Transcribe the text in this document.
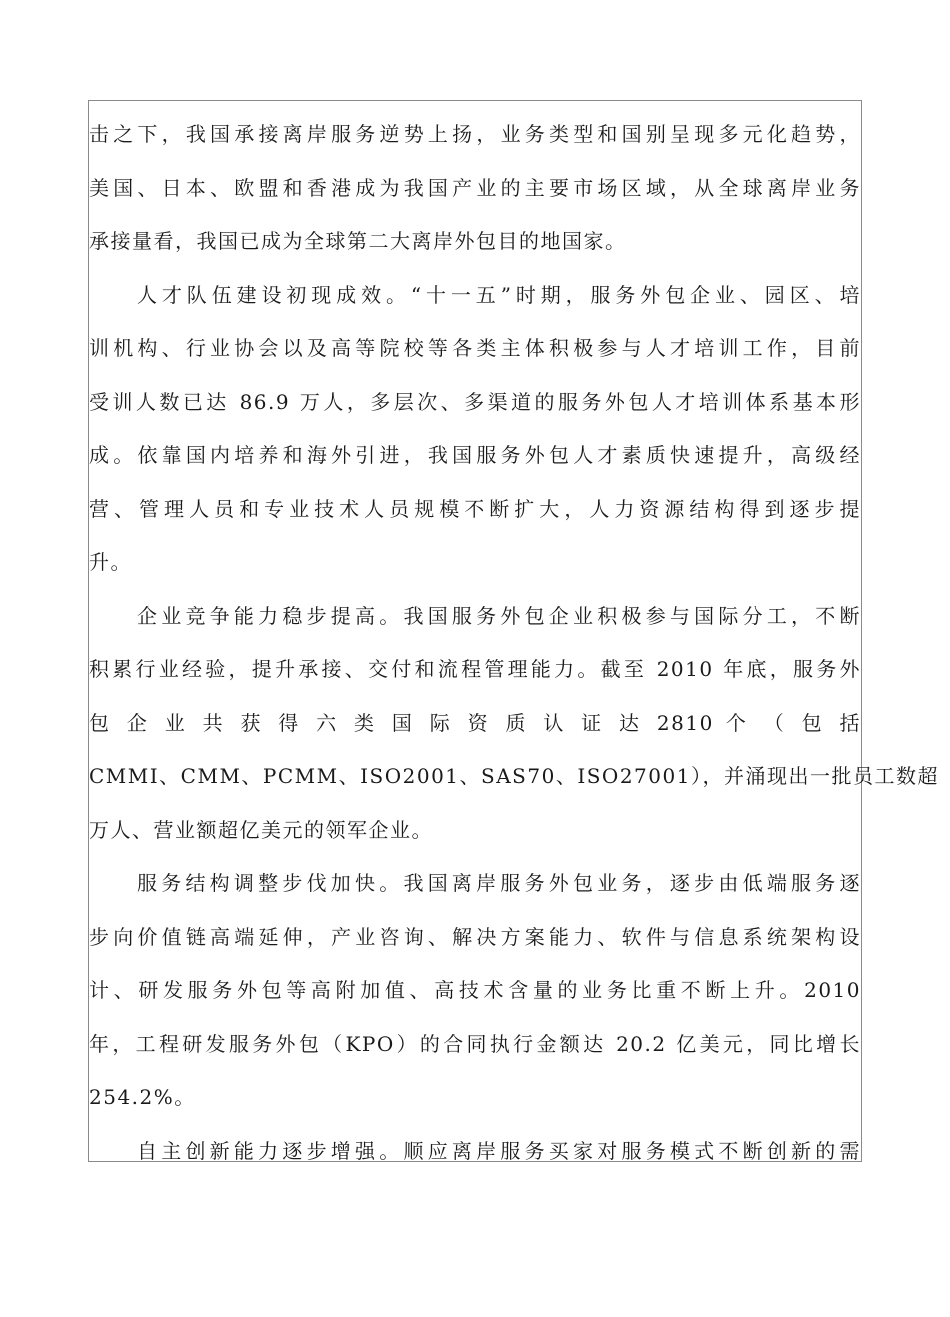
击之下，我国承接离岸服务逆势上扬，业务类型和国别呈现多元化趋势，
美国、日本、欧盟和香港成为我国产业的主要市场区域，从全球离岸业务
承接量看，我国已成为全球第二大离岸外包目的地国家。
人才队伍建设初现成效。“十一五”时期，服务外包企业、园区、培
训机构、行业协会以及高等院校等各类主体积极参与人才培训工作，目前
受训人数已达 86.9 万人，多层次、多渠道的服务外包人才培训体系基本形
成。依靠国内培养和海外引进，我国服务外包人才素质快速提升，高级经
营、管理人员和专业技术人员规模不断扩大，人力资源结构得到逐步提
升。
企业竞争能力稳步提高。我国服务外包企业积极参与国际分工，不断
积累行业经验，提升承接、交付和流程管理能力。截至 2010 年底，服务外
包 企 业 共 获 得 六 类 国 际 资 质 认 证 达 2810 个 （ 包 括
CMMI、CMM、PCMM、ISO2001、SAS70、ISO27001），并涌现出一批员工数超
万人、营业额超亿美元的领军企业。
服务结构调整步伐加快。我国离岸服务外包业务，逐步由低端服务逐
步向价值链高端延伸，产业咨询、解决方案能力、软件与信息系统架构设
计、研发服务外包等高附加值、高技术含量的业务比重不断上升。2010
年，工程研发服务外包（KPO）的合同执行金额达 20.2 亿美元，同比增长
254.2%。
自主创新能力逐步增强。顺应离岸服务买家对服务模式不断创新的需
